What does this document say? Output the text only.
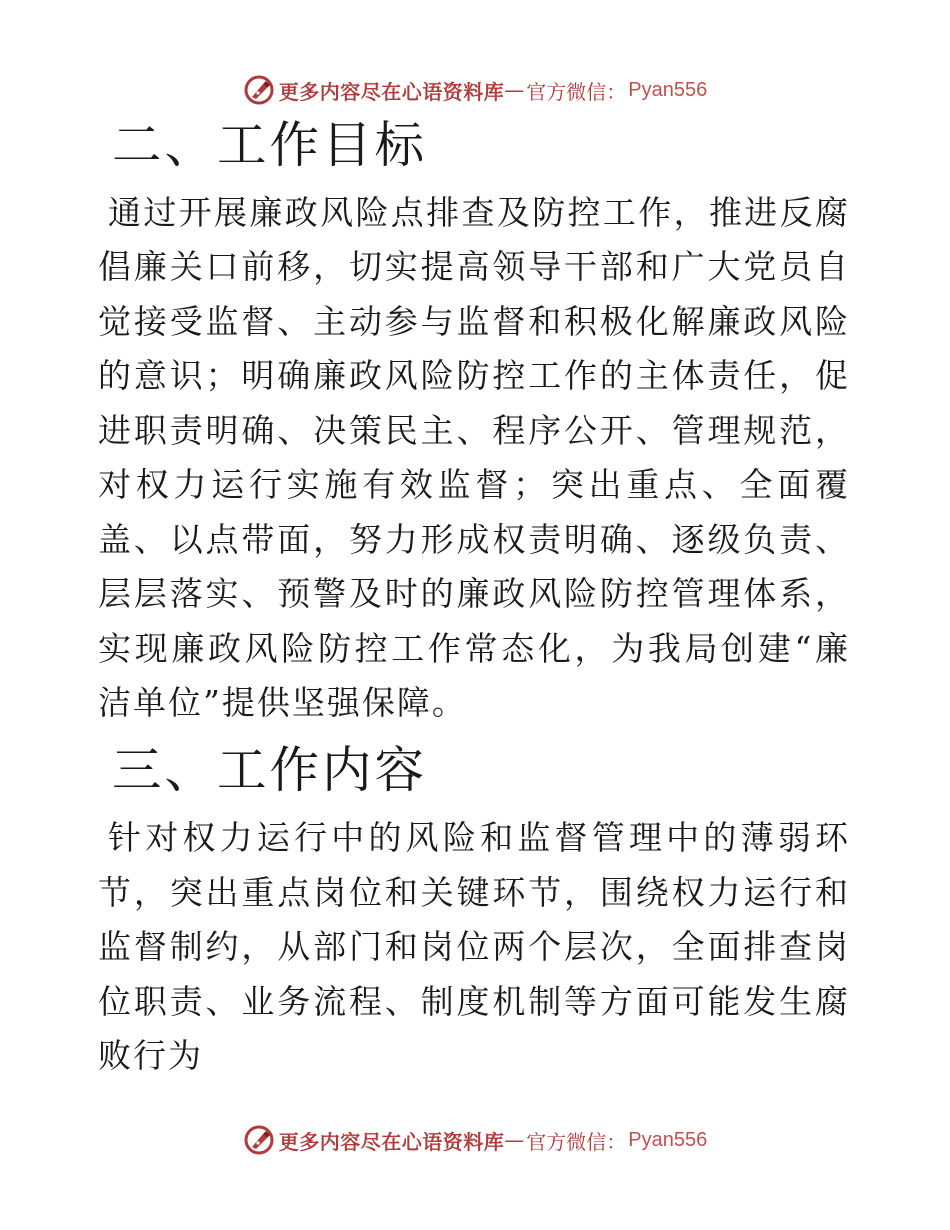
更多内容尽在心语资料库 — 官方微信： Pyan556
二、工作目标

通过开展廉政风险点排查及防控工作，推进反腐倡廉关口前移，切实提高领导干部和广大党员自觉接受监督、主动参与监督和积极化解廉政风险的意识；明确廉政风险防控工作的主体责任，促进职责明确、决策民主、程序公开、管理规范，对权力运行实施有效监督；突出重点、全面覆盖、以点带面，努力形成权责明确、逐级负责、层层落实、预警及时的廉政风险防控管理体系，实现廉政风险防控工作常态化，为我局创建“廉洁单位”提供坚强保障。

三、工作内容

针对权力运行中的风险和监督管理中的薄弱环节，突出重点岗位和关键环节，围绕权力运行和监督制约，从部门和岗位两个层次，全面排查岗位职责、业务流程、制度机制等方面可能发生腐败行为

更多内容尽在心语资料库 — 官方微信： Pyan556
